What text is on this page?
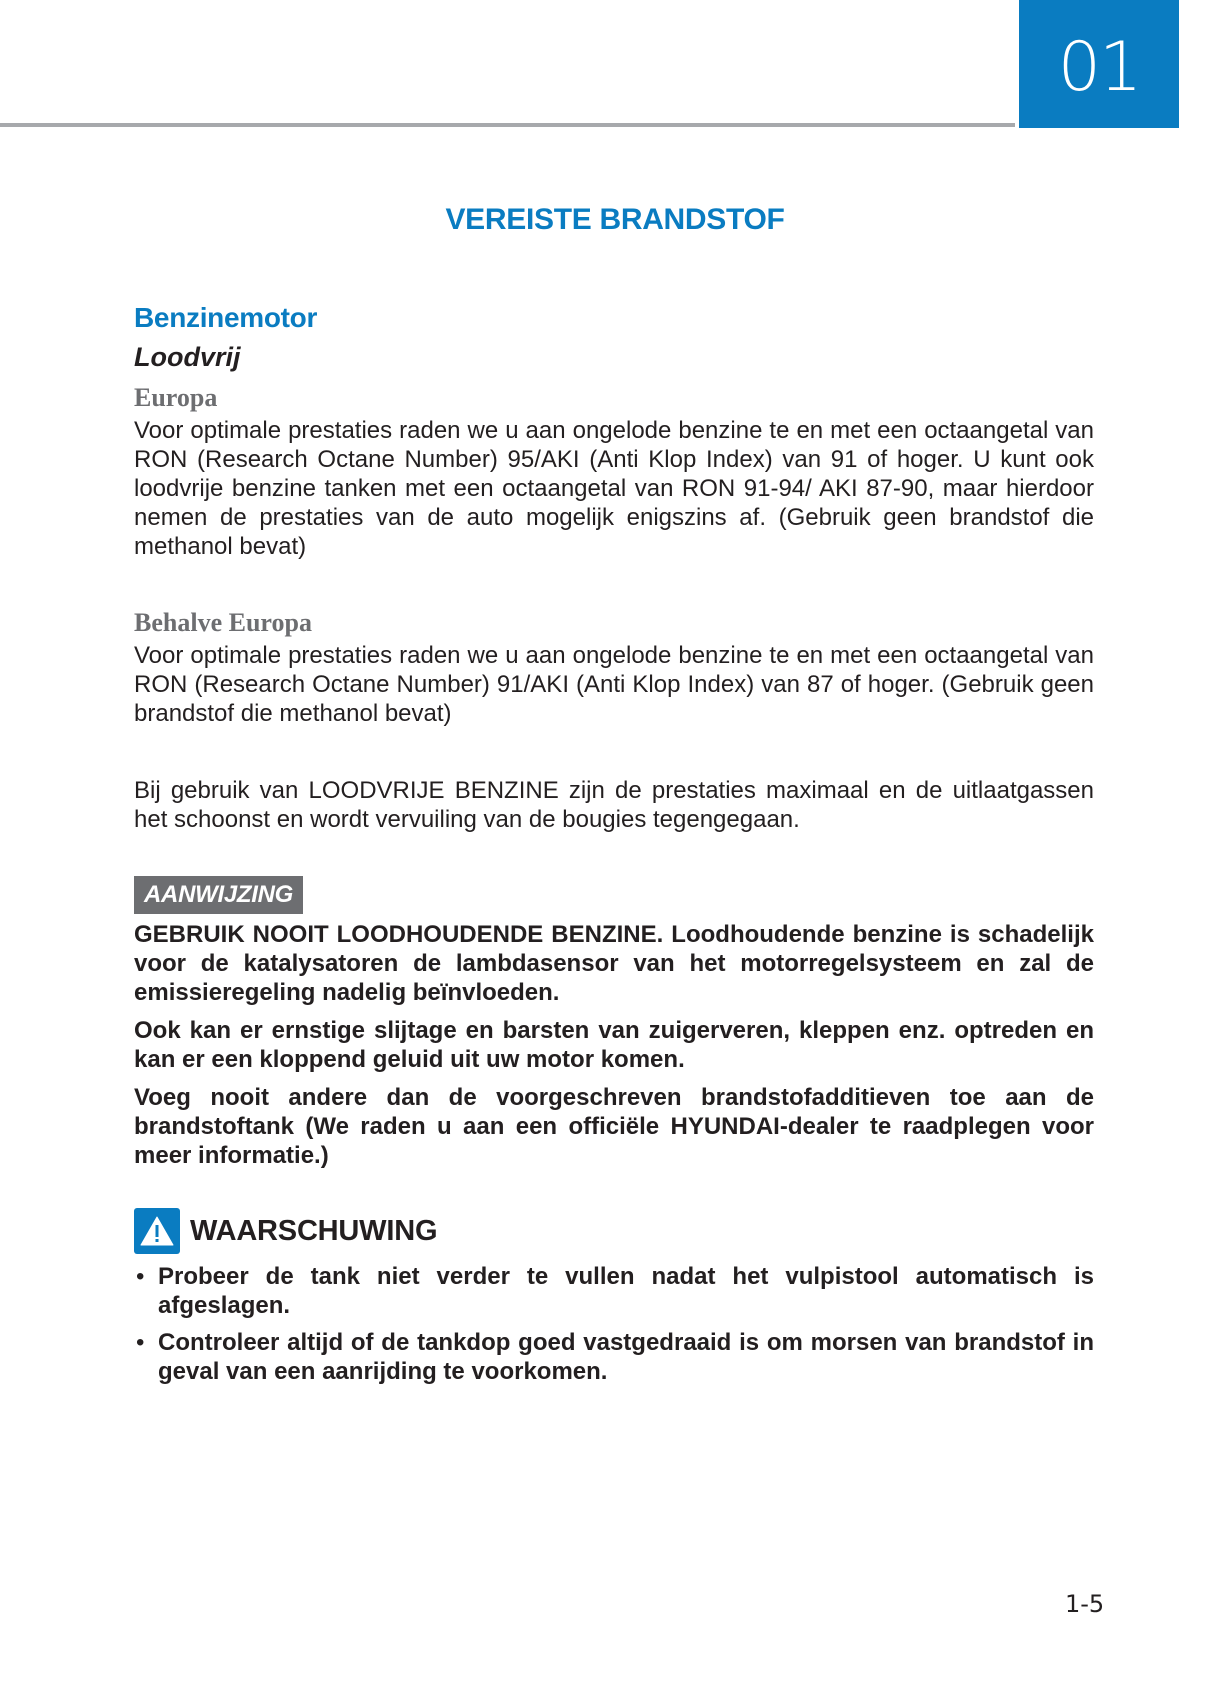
01
VEREISTE BRANDSTOF
Benzinemotor
Loodvrij
Europa

Voor optimale prestaties raden we u aan ongelode benzine te en met een octaangetal van RON (Research Octane Number) 95/AKI (Anti Klop Index) van 91 of hoger. U kunt ook loodvrije benzine tanken met een octaangetal van RON 91-94/ AKI 87-90, maar hierdoor nemen de prestaties van de auto mogelijk enigszins af. (Gebruik geen brandstof die methanol bevat)

Behalve Europa

Voor optimale prestaties raden we u aan ongelode benzine te en met een octaangetal van RON (Research Octane Number) 91/AKI (Anti Klop Index) van 87 of hoger. (Gebruik geen brandstof die methanol bevat)

Bij gebruik van LOODVRIJE BENZINE zijn de prestaties maximaal en de uitlaatgassen het schoonst en wordt vervuiling van de bougies tegengegaan.

AANWIJZING

GEBRUIK NOOIT LOODHOUDENDE BENZINE. Loodhoudende benzine is schadelijk voor de katalysatoren de lambdasensor van het motorregelsysteem en zal de emissieregeling nadelig beïnvloeden.

Ook kan er ernstige slijtage en barsten van zuigerveren, kleppen enz. optreden en kan er een kloppend geluid uit uw motor komen.

Voeg nooit andere dan de voorgeschreven brandstofadditieven toe aan de brandstoftank (We raden u aan een officiële HYUNDAI-dealer te raadplegen voor meer informatie.)

WAARSCHUWING
• Probeer de tank niet verder te vullen nadat het vulpistool automatisch is afgeslagen.
• Controleer altijd of de tankdop goed vastgedraaid is om morsen van brandstof in geval van een aanrijding te voorkomen.
1-5
